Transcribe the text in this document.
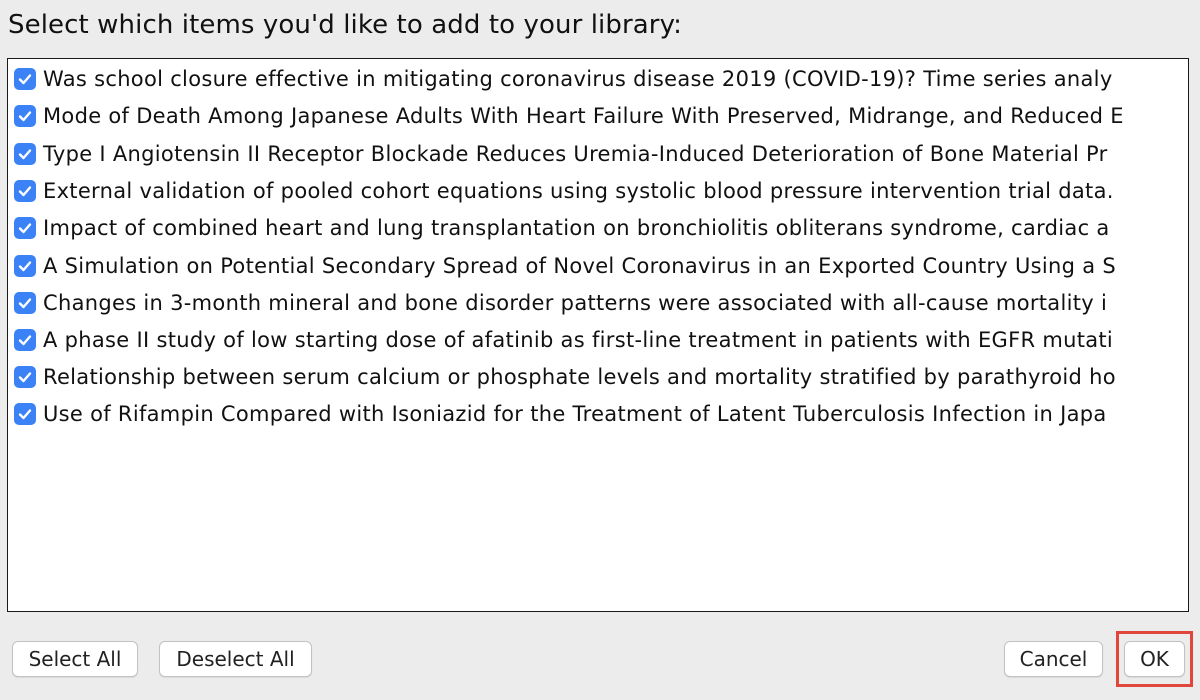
Select which items you'd like to add to your library:
Was school closure effective in mitigating coronavirus disease 2019 (COVID-19)? Time series analy
Mode of Death Among Japanese Adults With Heart Failure With Preserved, Midrange, and Reduced E
Type I Angiotensin II Receptor Blockade Reduces Uremia-Induced Deterioration of Bone Material Pr
External validation of pooled cohort equations using systolic blood pressure intervention trial data.
Impact of combined heart and lung transplantation on bronchiolitis obliterans syndrome, cardiac a
A Simulation on Potential Secondary Spread of Novel Coronavirus in an Exported Country Using a S
Changes in 3-month mineral and bone disorder patterns were associated with all-cause mortality i
A phase II study of low starting dose of afatinib as first-line treatment in patients with EGFR mutati
Relationship between serum calcium or phosphate levels and mortality stratified by parathyroid ho
Use of Rifampin Compared with Isoniazid for the Treatment of Latent Tuberculosis Infection in Japa
Select All	Deselect All	Cancel	OK
